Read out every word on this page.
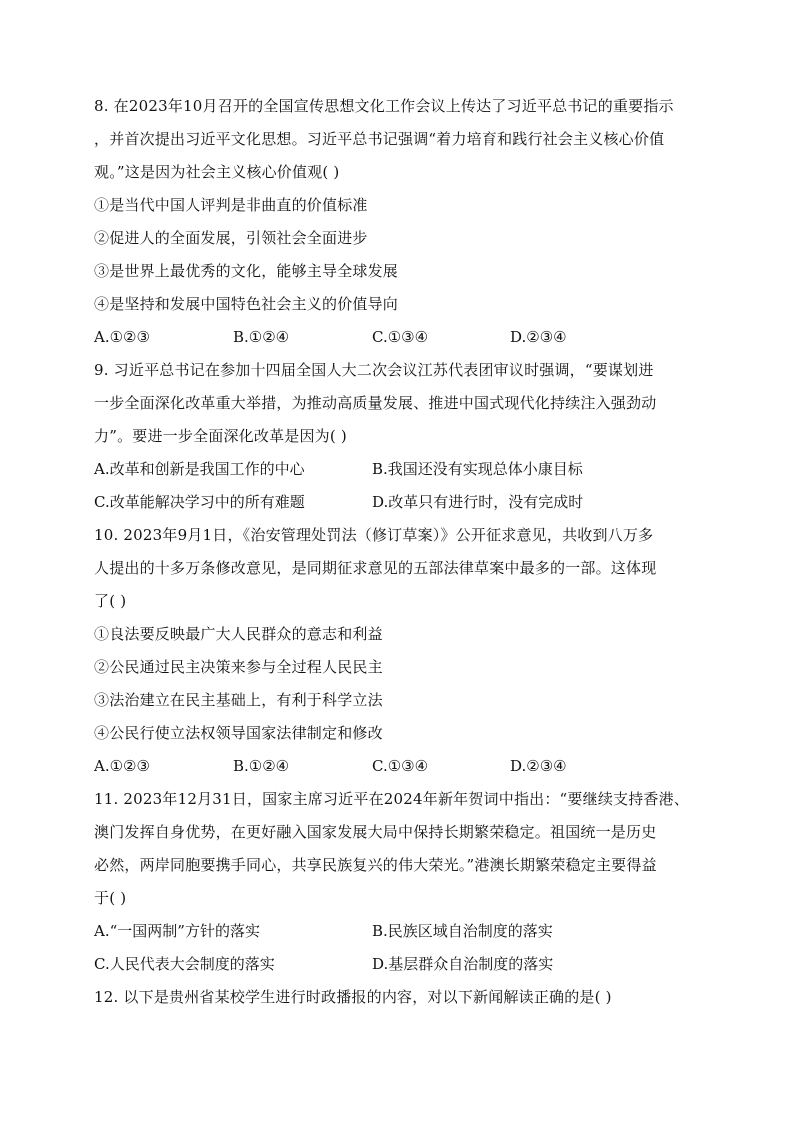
8. 在2023年10月召开的全国宣传思想文化工作会议上传达了习近平总书记的重要指示
，并首次提出习近平文化思想。习近平总书记强调“着力培育和践行社会主义核心价值
观。”这是因为社会主义核心价值观( )
①是当代中国人评判是非曲直的价值标准
②促进人的全面发展，引领社会全面进步
③是世界上最优秀的文化，能够主导全球发展
④是坚持和发展中国特色社会主义的价值导向
A.①②③	B.①②④	C.①③④	D.②③④
9. 习近平总书记在参加十四届全国人大二次会议江苏代表团审议时强调，“要谋划进
一步全面深化改革重大举措，为推动高质量发展、推进中国式现代化持续注入强劲动
力”。要进一步全面深化改革是因为( )
A.改革和创新是我国工作的中心	B.我国还没有实现总体小康目标
C.改革能解决学习中的所有难题	D.改革只有进行时，没有完成时
10. 2023年9月1日，《治安管理处罚法（修订草案）》公开征求意见，共收到八万多
人提出的十多万条修改意见，是同期征求意见的五部法律草案中最多的一部。这体现
了( )
①良法要反映最广大人民群众的意志和利益
②公民通过民主决策来参与全过程人民民主
③法治建立在民主基础上，有利于科学立法
④公民行使立法权领导国家法律制定和修改
A.①②③	B.①②④	C.①③④	D.②③④
11. 2023年12月31日，国家主席习近平在2024年新年贺词中指出：“要继续支持香港、
澳门发挥自身优势，在更好融入国家发展大局中保持长期繁荣稳定。祖国统一是历史
必然，两岸同胞要携手同心，共享民族复兴的伟大荣光。”港澳长期繁荣稳定主要得益
于( )
A.“一国两制”方针的落实	B.民族区域自治制度的落实
C.人民代表大会制度的落实	D.基层群众自治制度的落实
12. 以下是贵州省某校学生进行时政播报的内容，对以下新闻解读正确的是( )
